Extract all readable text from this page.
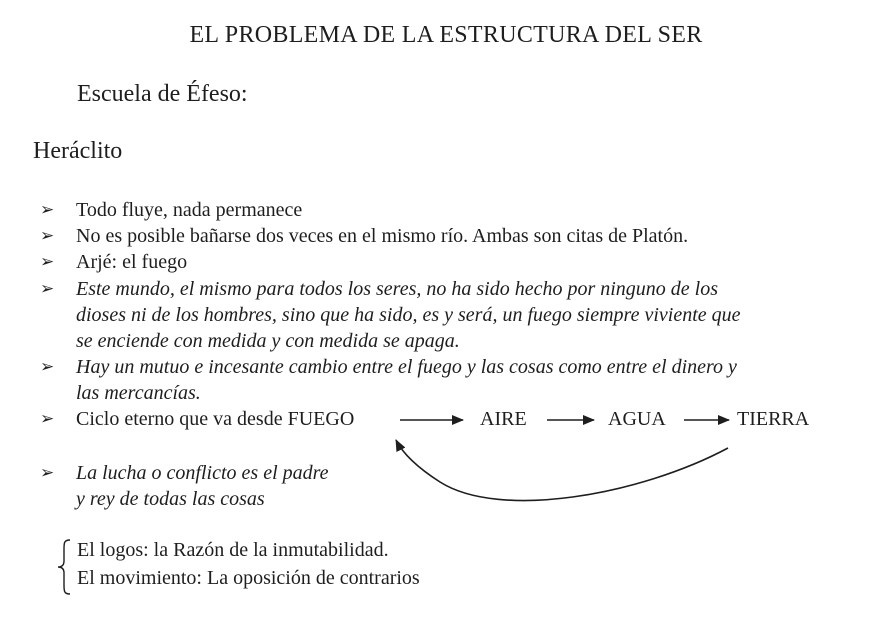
EL PROBLEMA DE LA ESTRUCTURA DEL SER
Escuela de Éfeso:
Heráclito
➢ Todo fluye, nada permanece
➢ No es posible bañarse dos veces en el mismo río. Ambas son citas de Platón.
➢ Arjé: el fuego
➢ Este mundo, el mismo para todos los seres, no ha sido hecho por ninguno de los
dioses ni de los hombres, sino que ha sido, es y será, un fuego siempre viviente que
se enciende con medida y con medida se apaga.
➢ Hay un mutuo e incesante cambio entre el fuego y las cosas como entre el dinero y
las mercancías.
➢ Ciclo eterno que va desde FUEGO	AIRE	AGUA	TIERRA
➢ La lucha o conflicto es el padre
y rey de todas las cosas
El logos: la Razón de la inmutabilidad.
El movimiento: La oposición de contrarios
